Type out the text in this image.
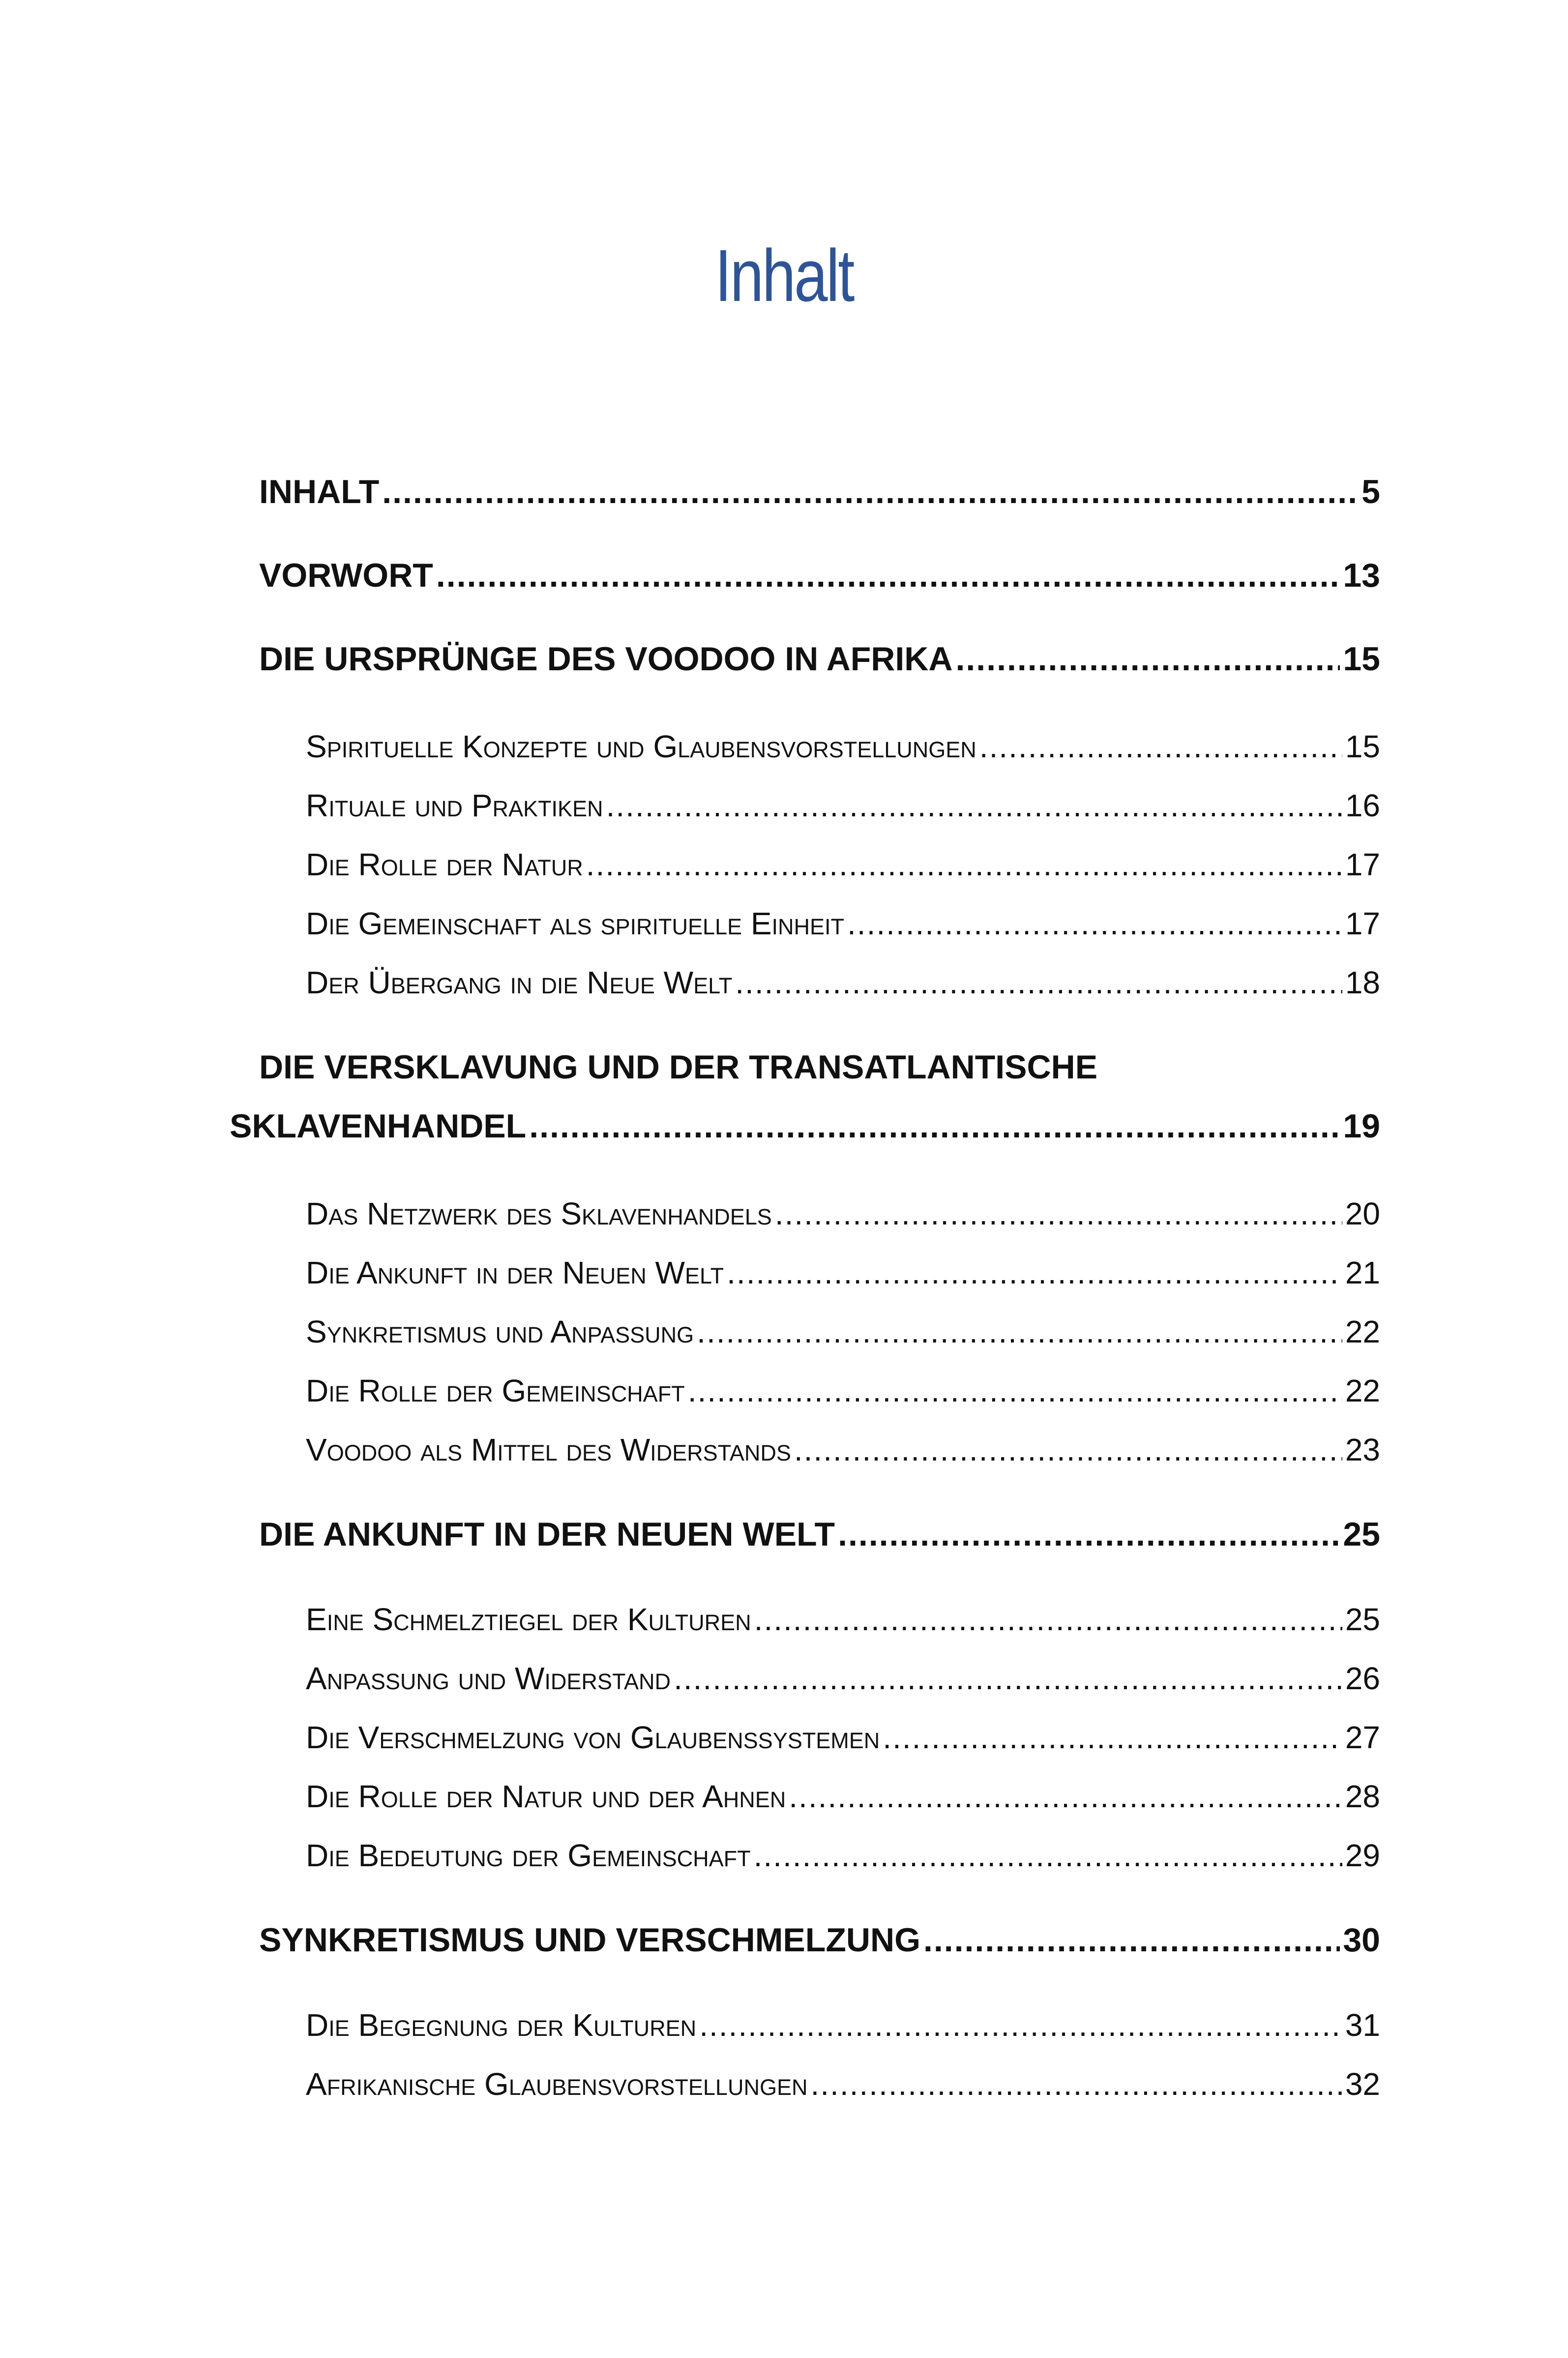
Inhalt
INHALT .....	5
VORWORT .....	13
DIE URSPRÜNGE DES VOODOO IN AFRIKA .....	15
Spirituelle Konzepte und Glaubensvorstellungen .....	15
Rituale und Praktiken .....	16
Die Rolle der Natur .....	17
Die Gemeinschaft als spirituelle Einheit .....	17
Der Übergang in die Neue Welt .....	18
DIE VERSKLAVUNG UND DER TRANSATLANTISCHE
SKLAVENHANDEL .....	19
Das Netzwerk des Sklavenhandels .....	20
Die Ankunft in der Neuen Welt .....	21
Synkretismus und Anpassung .....	22
Die Rolle der Gemeinschaft .....	22
Voodoo als Mittel des Widerstands .....	23
DIE ANKUNFT IN DER NEUEN WELT .....	25
Eine Schmelztiegel der Kulturen .....	25
Anpassung und Widerstand .....	26
Die Verschmelzung von Glaubenssystemen .....	27
Die Rolle der Natur und der Ahnen .....	28
Die Bedeutung der Gemeinschaft .....	29
SYNKRETISMUS UND VERSCHMELZUNG .....	30
Die Begegnung der Kulturen .....	31
Afrikanische Glaubensvorstellungen .....	32
